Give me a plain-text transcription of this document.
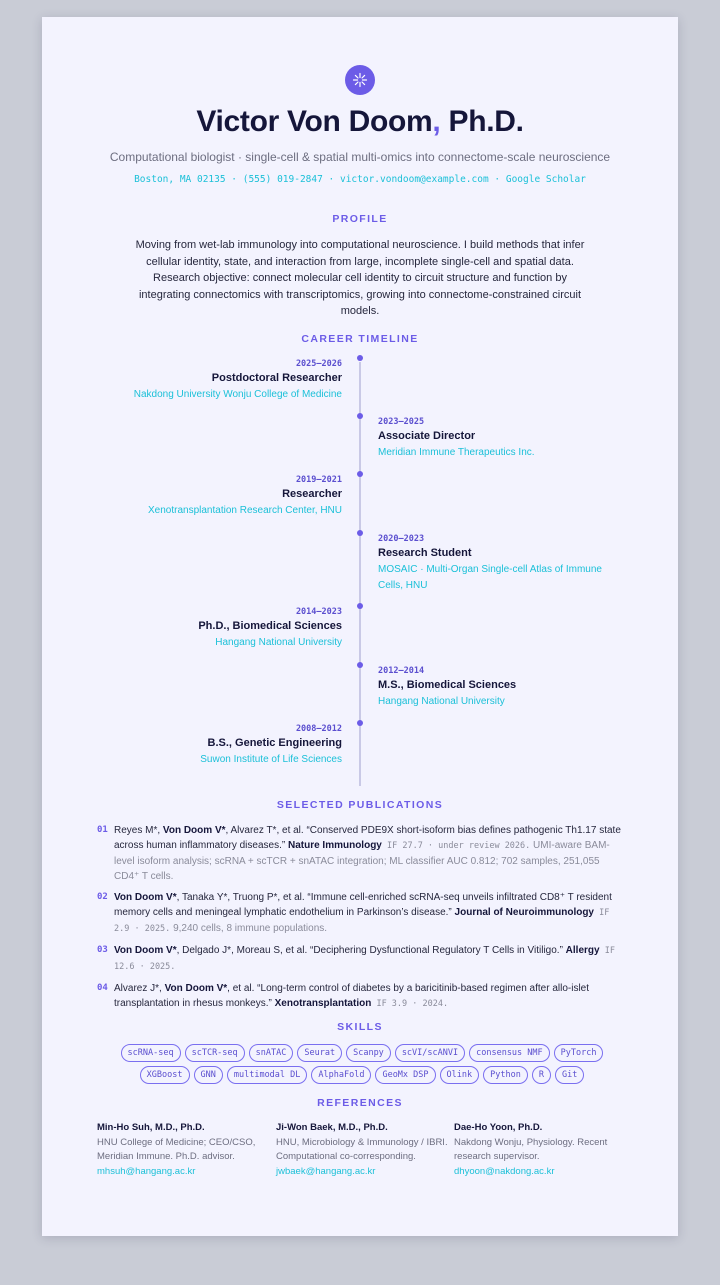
Victor Von Doom, Ph.D.
Computational biologist · single-cell & spatial multi-omics into connectome-scale neuroscience
Boston, MA 02135 · (555) 019-2847 · victor.vondoom@example.com · Google Scholar
PROFILE
Moving from wet-lab immunology into computational neuroscience. I build methods that infer cellular identity, state, and interaction from large, incomplete single-cell and spatial data. Research objective: connect molecular cell identity to circuit structure and function by integrating connectomics with transcriptomics, growing into connectome-constrained circuit models.
CAREER TIMELINE
2025–2026
Postdoctoral Researcher
Nakdong University Wonju College of Medicine
2023–2025
Associate Director
Meridian Immune Therapeutics Inc.
2019–2021
Researcher
Xenotransplantation Research Center, HNU
2020–2023
Research Student
MOSAIC · Multi-Organ Single-cell Atlas of Immune Cells, HNU
2014–2023
Ph.D., Biomedical Sciences
Hangang National University
2012–2014
M.S., Biomedical Sciences
Hangang National University
2008–2012
B.S., Genetic Engineering
Suwon Institute of Life Sciences
SELECTED PUBLICATIONS
01 Reyes M*, Von Doom V*, Alvarez T*, et al. “Conserved PDE9X short-isoform bias defines pathogenic Th1.17 state across human inflammatory diseases.” Nature Immunology IF 27.7 · under review 2026. UMI-aware BAM-level isoform analysis; scRNA + scTCR + snATAC integration; ML classifier AUC 0.812; 702 samples, 251,055 CD4⁺ T cells.
02 Von Doom V*, Tanaka Y*, Truong P*, et al. “Immune cell-enriched scRNA-seq unveils infiltrated CD8⁺ T resident memory cells and meningeal lymphatic endothelium in Parkinson’s disease.” Journal of Neuroimmunology IF 2.9 · 2025. 9,240 cells, 8 immune populations.
03 Von Doom V*, Delgado J*, Moreau S, et al. “Deciphering Dysfunctional Regulatory T Cells in Vitiligo.” Allergy IF 12.6 · 2025.
04 Alvarez J*, Von Doom V*, et al. “Long-term control of diabetes by a baricitinib-based regimen after allo-islet transplantation in rhesus monkeys.” Xenotransplantation IF 3.9 · 2024.
SKILLS
scRNA-seq scTCR-seq snATAC Seurat Scanpy scVI/scANVI consensus NMF PyTorchXGBoost GNN multimodal DL AlphaFold GeoMx DSP Olink Python R Git
REFERENCES
Min-Ho Suh, M.D., Ph.D.
HNU College of Medicine; CEO/CSO, Meridian Immune. Ph.D. advisor.
mhsuh@hangang.ac.kr
Ji-Won Baek, M.D., Ph.D.
HNU, Microbiology & Immunology / IBRI. Computational co-corresponding.
jwbaek@hangang.ac.kr
Dae-Ho Yoon, Ph.D.
Nakdong Wonju, Physiology. Recent research supervisor.
dhyoon@nakdong.ac.kr
